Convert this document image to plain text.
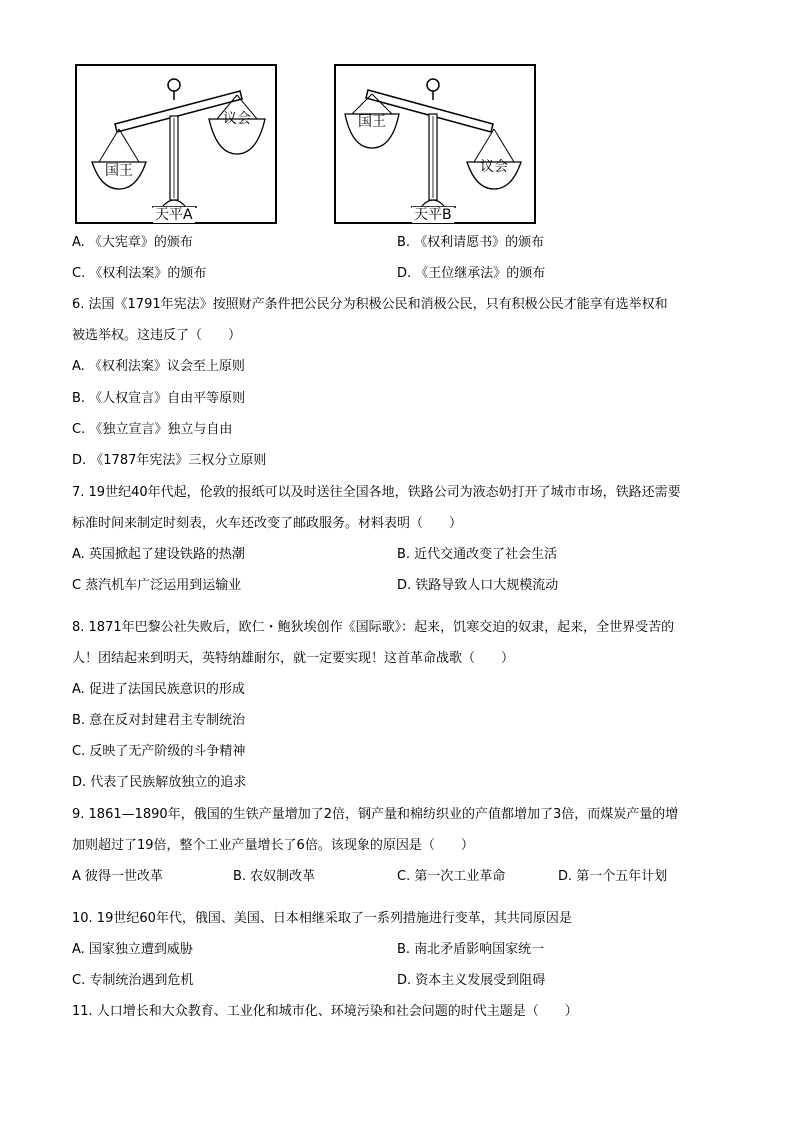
国王
议会
天平A
国王
议会
天平B
A. 《大宪章》的颁布	B. 《权利请愿书》的颁布
C. 《权利法案》的颁布	D. 《王位继承法》的颁布
6. 法国《1791年宪法》按照财产条件把公民分为积极公民和消极公民，只有积极公民才能享有选举权和
被选举权。这违反了（　　）
A. 《权利法案》议会至上原则
B. 《人权宣言》自由平等原则
C. 《独立宣言》独立与自由
D. 《1787年宪法》三权分立原则
7. 19世纪40年代起，伦敦的报纸可以及时送往全国各地，铁路公司为液态奶打开了城市市场，铁路还需要
标准时间来制定时刻表，火车还改变了邮政服务。材料表明（　　）
A. 英国掀起了建设铁路的热潮	B. 近代交通改变了社会生活
C 蒸汽机车广泛运用到运输业	D. 铁路导致人口大规模流动
8. 1871年巴黎公社失败后，欧仁・鲍狄埃创作《国际歌》：起来，饥寒交迫的奴隶，起来，全世界受苦的
人！团结起来到明天，英特纳雄耐尔，就一定要实现！这首革命战歌（　　）
A. 促进了法国民族意识的形成
B. 意在反对封建君主专制统治
C. 反映了无产阶级的斗争精神
D. 代表了民族解放独立的追求
9. 1861—1890年，俄国的生铁产量增加了2倍，钢产量和棉纺织业的产值都增加了3倍，而煤炭产量的增
加则超过了19倍，整个工业产量增长了6倍。该现象的原因是（　　）
A 彼得一世改革	B. 农奴制改革	C. 第一次工业革命	D. 第一个五年计划
10. 19世纪60年代，俄国、美国、日本相继采取了一系列措施进行变革，其共同原因是
A. 国家独立遭到威胁	B. 南北矛盾影响国家统一
C. 专制统治遇到危机	D. 资本主义发展受到阻碍
11. 人口增长和大众教育、工业化和城市化、环境污染和社会问题的时代主题是（　　）
